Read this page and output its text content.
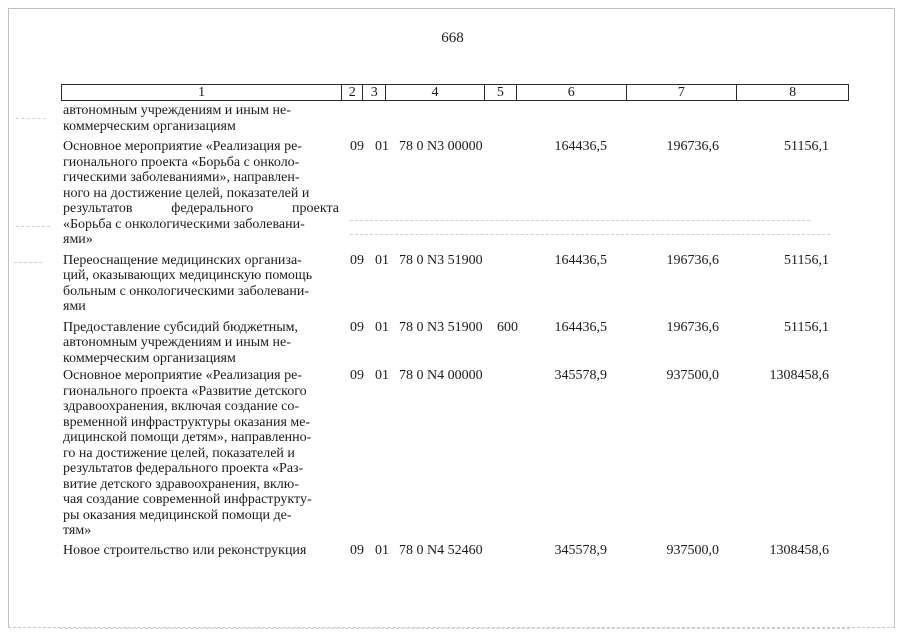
668
1	2	3	4	5	6	7	8
автономным учреждениям и иным не-
коммерческим организациям
Основное мероприятие «Реализация ре-
гионального проекта «Борьба с онколо-
гическими заболеваниями», направлен-
ного на достижение целей, показателей и
результатов федерального проекта
«Борьба с онкологическими заболевани-
ями»
09 01 78 0 N3 00000	164436,5	196736,6	51156,1
Переоснащение медицинских организа-
ций, оказывающих медицинскую помощь
больным с онкологическими заболевани-
ями
09 01 78 0 N3 51900	164436,5	196736,6	51156,1
Предоставление субсидий бюджетным,
автономным учреждениям и иным не-
коммерческим организациям
09 01 78 0 N3 51900 600	164436,5	196736,6	51156,1
Основное мероприятие «Реализация ре-
гионального проекта «Развитие детского
здравоохранения, включая создание со-
временной инфраструктуры оказания ме-
дицинской помощи детям», направленно-
го на достижение целей, показателей и
результатов федерального проекта «Раз-
витие детского здравоохранения, вклю-
чая создание современной инфраструкту-
ры оказания медицинской помощи де-
тям»
09 01 78 0 N4 00000	345578,9	937500,0	1308458,6
Новое строительство или реконструкция	09 01 78 0 N4 52460	345578,9	937500,0	1308458,6
